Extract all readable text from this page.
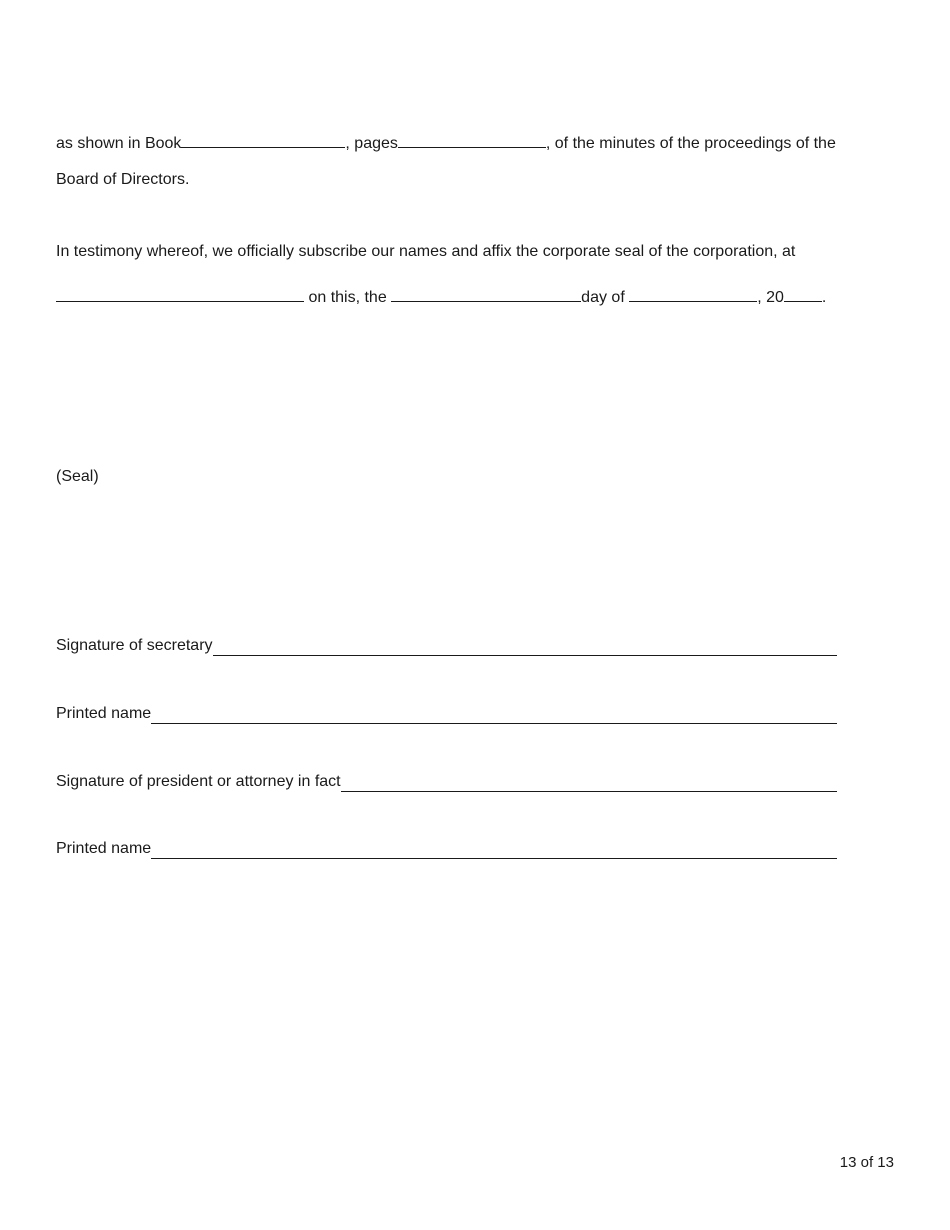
as shown in Book	, pages	, of the minutes of the proceedings of the
Board of Directors.
In testimony whereof, we officially subscribe our names and affix the corporate seal of the corporation, at
on this, the	day of	, 20 .
(Seal)
Signature of secretary
Printed name
Signature of president or attorney in fact
Printed name
13 of 13
